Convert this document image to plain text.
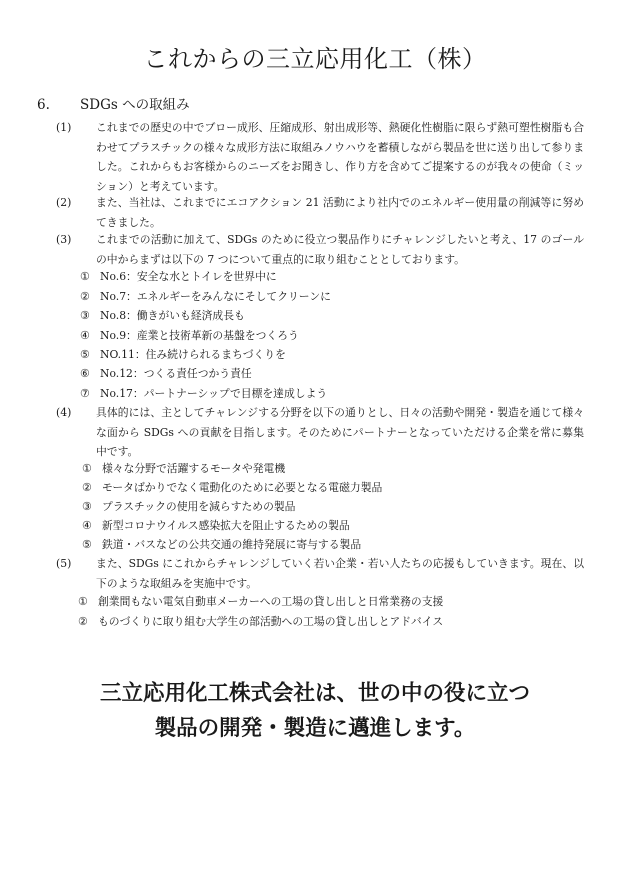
これからの三立応用化工（株）
6. SDGs への取組み
(1) これまでの歴史の中でブロー成形、圧縮成形、射出成形等、熱硬化性樹脂に限らず熱可塑性樹脂も合わせてプラスチックの様々な成形方法に取組みノウハウを蓄積しながら製品を世に送り出して参りました。これからもお客様からのニーズをお聞きし、作り方を含めてご提案するのが我々の使命（ミッション）と考えています。
(2) また、当社は、これまでにエコアクション 21 活動により社内でのエネルギー使用量の削減等に努めてきました。
(3) これまでの活動に加えて、SDGs のために役立つ製品作りにチャレンジしたいと考え、17 のゴールの中からまずは以下の 7 つについて重点的に取り組むこととしております。
① No.6：安全な水とトイレを世界中に
② No.7：エネルギーをみんなにそしてクリーンに
③ No.8：働きがいも経済成長も
④ No.9：産業と技術革新の基盤をつくろう
⑤ NO.11：住み続けられるまちづくりを
⑥ No.12：つくる責任つかう責任
⑦ No.17：パートナーシップで目標を達成しよう
(4) 具体的には、主としてチャレンジする分野を以下の通りとし、日々の活動や開発・製造を通じて様々な面から SDGs への貢献を目指します。そのためにパートナーとなっていただける企業を常に募集中です。
① 様々な分野で活躍するモータや発電機
② モータばかりでなく電動化のために必要となる電磁力製品
③ プラスチックの使用を減らすための製品
④ 新型コロナウイルス感染拡大を阻止するための製品
⑤ 鉄道・バスなどの公共交通の維持発展に寄与する製品
(5) また、SDGs にこれからチャレンジしていく若い企業・若い人たちの応援もしていきます。現在、以下のような取組みを実施中です。
① 創業間もない電気自動車メーカーへの工場の貸し出しと日常業務の支援
② ものづくりに取り組む大学生の部活動への工場の貸し出しとアドバイス
三立応用化工株式会社は、世の中の役に立つ
製品の開発・製造に邁進します。
